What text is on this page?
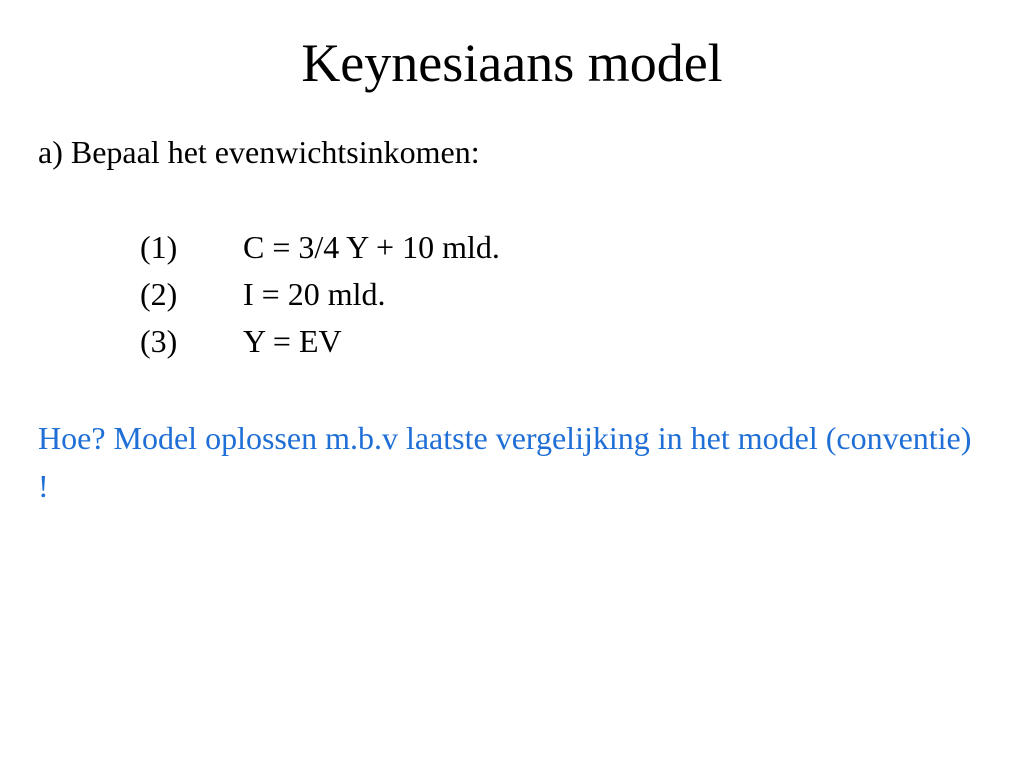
Keynesiaans model

a) Bepaal het evenwichtsinkomen:

(1)	C = 3/4 Y + 10 mld.
(2)	I = 20 mld.
(3)	Y = EV

Hoe? Model oplossen m.b.v laatste vergelijking in het model (conventie) !
